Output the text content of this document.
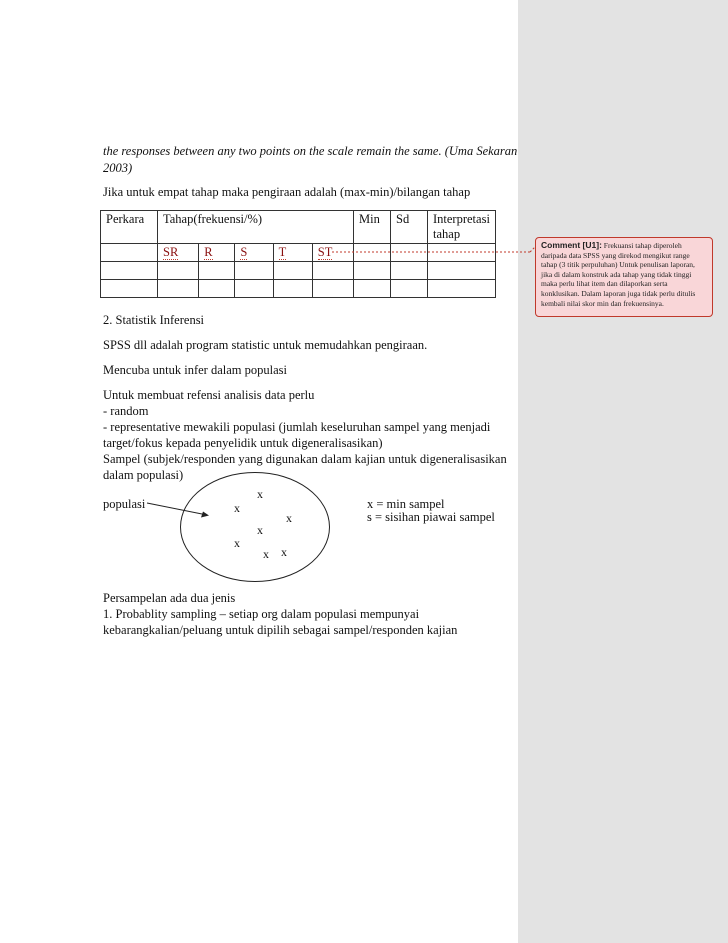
the responses between any two points on the scale remain the same. (Uma Sekaran
2003)
Jika untuk empat tahap maka pengiraan adalah (max-min)/bilangan tahap
Perkara	Tahap(frekuensi/%)					Min	Sd	Interpretasi tahap
	SR	R	S	T	ST			

									Comment [U1]: Frekuansi tahap diperoleh daripada data SPSS yang direkod mengikut range tahap (3 titik perpuluhan) Untuk penulisan laporan, jika di dalam konstruk ada tahap yang tidak tinggi maka perlu lihat item dan dilaporkan serta konklusikan. Dalam laporan juga tidak perlu ditulis kembali nilai skor min dan frekuensinya.
2. Statistik Inferensi
SPSS dll adalah program statistic untuk memudahkan pengiraan.
Mencuba untuk infer dalam populasi
Untuk membuat refensi analisis data perlu
- random
- representative mewakili populasi (jumlah keseluruhan sampel yang menjadi
target/fokus kepada penyelidik untuk digeneralisasikan)
Sampel (subjek/responden yang digunakan dalam kajian untuk digeneralisasikan
dalam populasi)
populasi
x
x
x
x
x
x x
x = min sampel
s = sisihan piawai sampel
Persampelan ada dua jenis
1. Probablity sampling – setiap org dalam populasi mempunyai
kebarangkalian/peluang untuk dipilih sebagai sampel/responden kajian
